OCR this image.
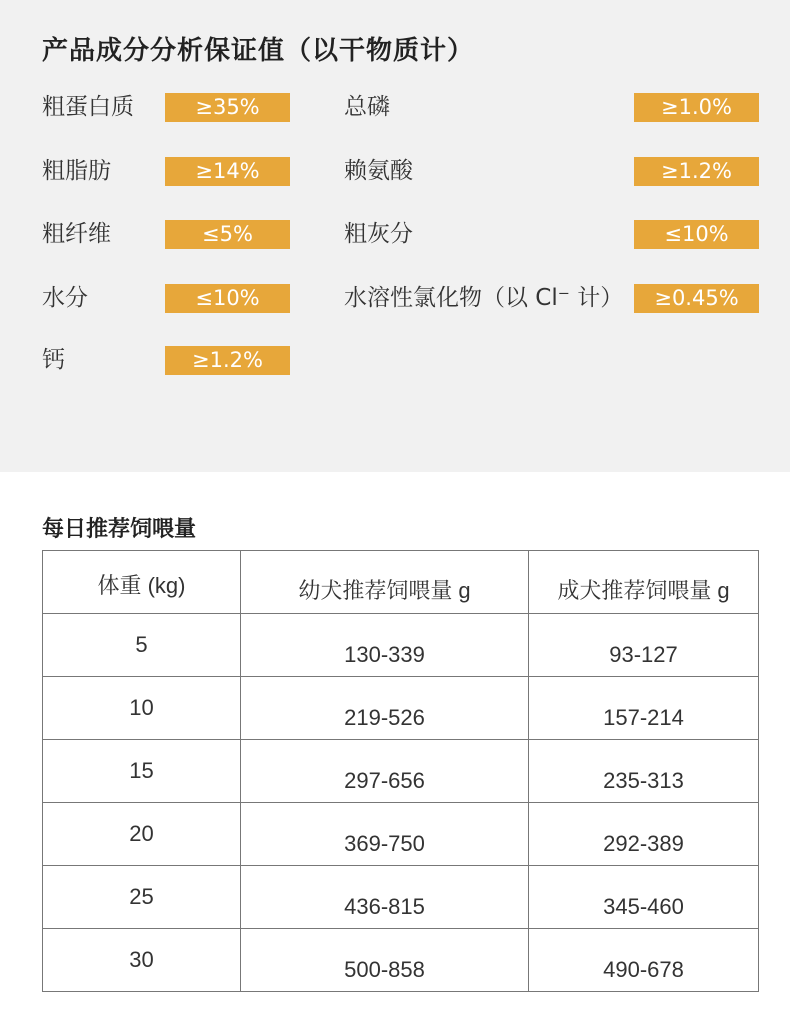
产品成分分析保证值（以干物质计）
粗蛋白质	≥35%
粗脂肪	≥14%
粗纤维	≤5%
水分	≤10%
钙	≥1.2%
总磷	≥1.0%
赖氨酸	≥1.2%
粗灰分	≤10%
水溶性氯化物（以 Cl⁻ 计）	≥0.45%
每日推荐饲喂量
体重 (kg)	幼犬推荐饲喂量 g	成犬推荐饲喂量 g
5	130-339	93-127
10	219-526	157-214
15	297-656	235-313
20	369-750	292-389
25	436-815	345-460
30	500-858	490-678
